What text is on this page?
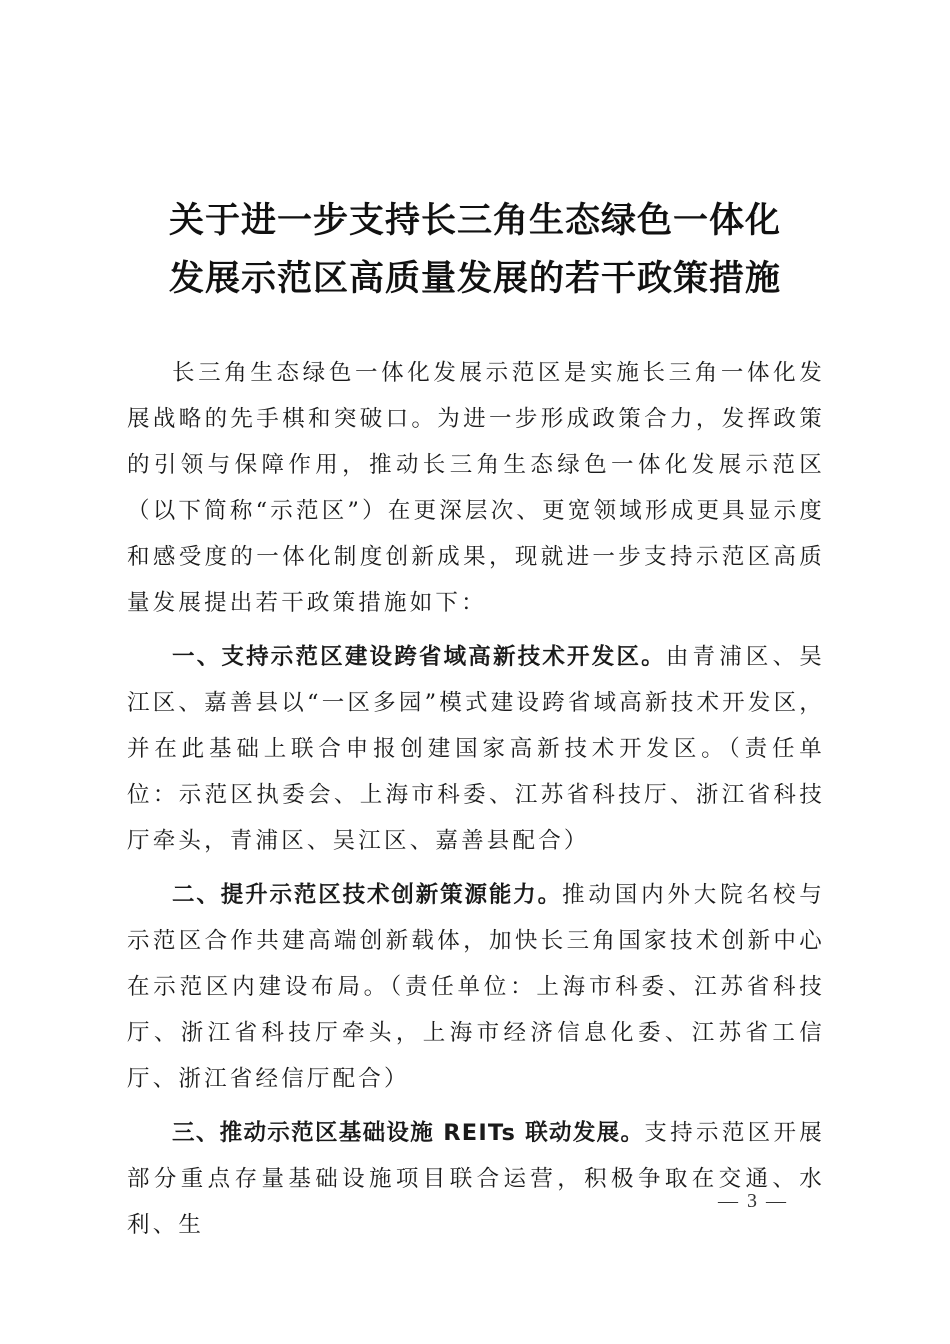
关于进一步支持长三角生态绿色一体化
发展示范区高质量发展的若干政策措施

长三角生态绿色一体化发展示范区是实施长三角一体化发展战略的先手棋和突破口。为进一步形成政策合力，发挥政策的引领与保障作用，推动长三角生态绿色一体化发展示范区（以下简称“示范区”）在更深层次、更宽领域形成更具显示度和感受度的一体化制度创新成果，现就进一步支持示范区高质量发展提出若干政策措施如下：

一、支持示范区建设跨省域高新技术开发区。由青浦区、吴江区、嘉善县以“一区多园”模式建设跨省域高新技术开发区，并在此基础上联合申报创建国家高新技术开发区。（责任单位：示范区执委会、上海市科委、江苏省科技厅、浙江省科技厅牵头，青浦区、吴江区、嘉善县配合）

二、提升示范区技术创新策源能力。推动国内外大院名校与示范区合作共建高端创新载体，加快长三角国家技术创新中心在示范区内建设布局。（责任单位：上海市科委、江苏省科技厅、浙江省科技厅牵头，上海市经济信息化委、江苏省工信厅、浙江省经信厅配合）

三、推动示范区基础设施 REITs 联动发展。支持示范区开展部分重点存量基础设施项目联合运营，积极争取在交通、水利、生

— 3 —
